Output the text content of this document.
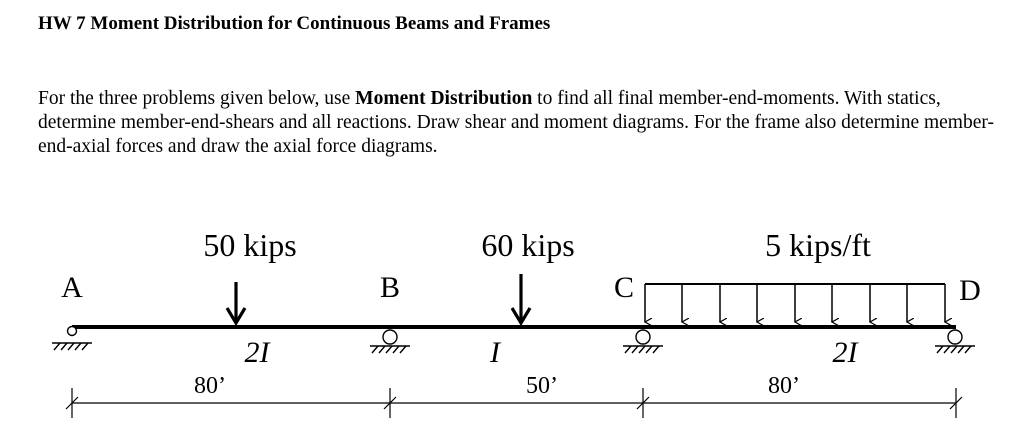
HW 7 Moment Distribution for Continuous Beams and Frames
For the three problems given below, use Moment Distribution to find all final member-end-moments. With statics, determine member-end-shears and all reactions. Draw shear and moment diagrams. For the frame also determine member-end-axial forces and draw the axial force diagrams.
A	B	C	D
50 kips	60 kips	5 kips/ft
2I	I	2I
80’	50’	80’
